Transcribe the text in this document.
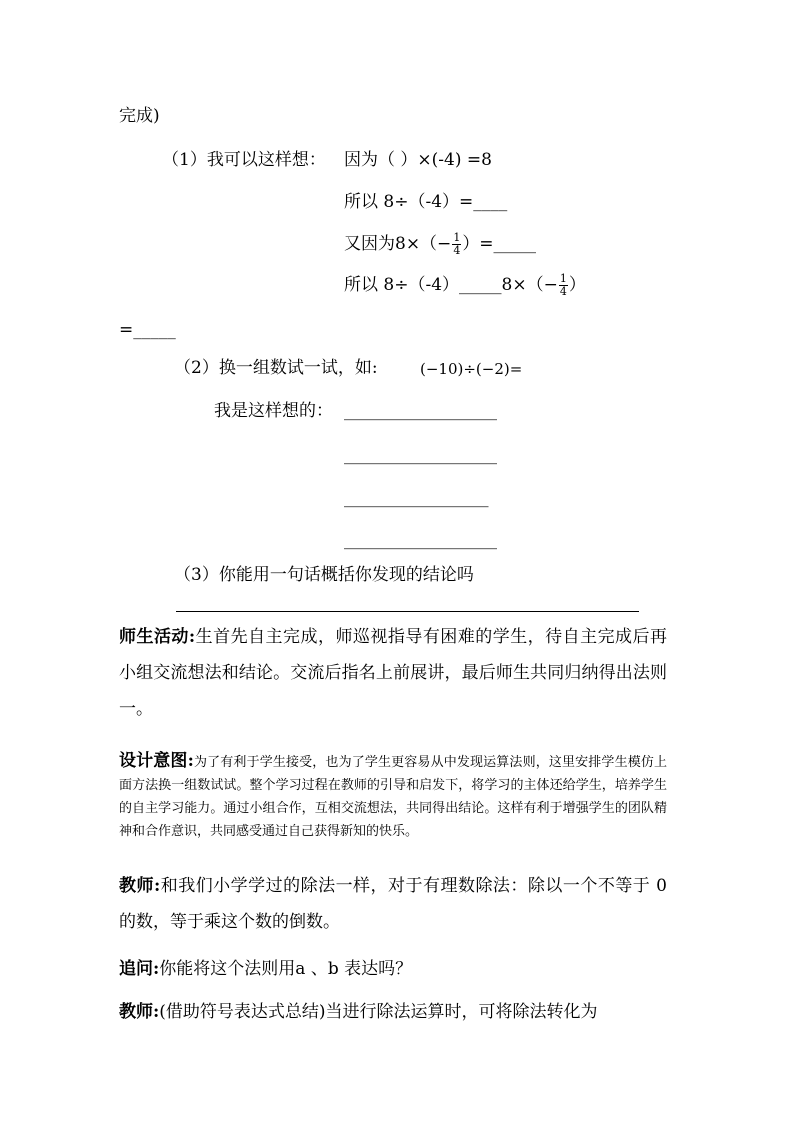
完成)
（1）我可以这样想： 因为（ ）×(-4) =8
所以 8÷（-4）=____
又因为$8\times(- \frac{1}{4}$ ）=_____
所以 8÷（-4）_____8×（− $\frac{1}{4}$ ）
=_____
（2）换一组数试一试，如:	(−10)÷(−2)=
我是这样想的： __________________
__________________
_________________
__________________
（3）你能用一句话概括你发现的结论吗
师生活动:生首先自主完成，师巡视指导有困难的学生，待自主完成后再小组交流想法和结论。交流后指名上前展讲，最后师生共同归纳得出法则一。
设计意图:为了有利于学生接受，也为了学生更容易从中发现运算法则，这里安排学生模仿上面方法换一组数试试。整个学习过程在教师的引导和启发下，将学习的主体还给学生，培养学生的自主学习能力。通过小组合作，互相交流想法，共同得出结论。这样有利于增强学生的团队精神和合作意识，共同感受通过自己获得新知的快乐。
教师:和我们小学学过的除法一样，对于有理数除法：除以一个不等于 0 的数，等于乘这个数的倒数。
追问:你能将这个法则用a 、b 表达吗？
教师:(借助符号表达式总结)当进行除法运算时，可将除法转化为
